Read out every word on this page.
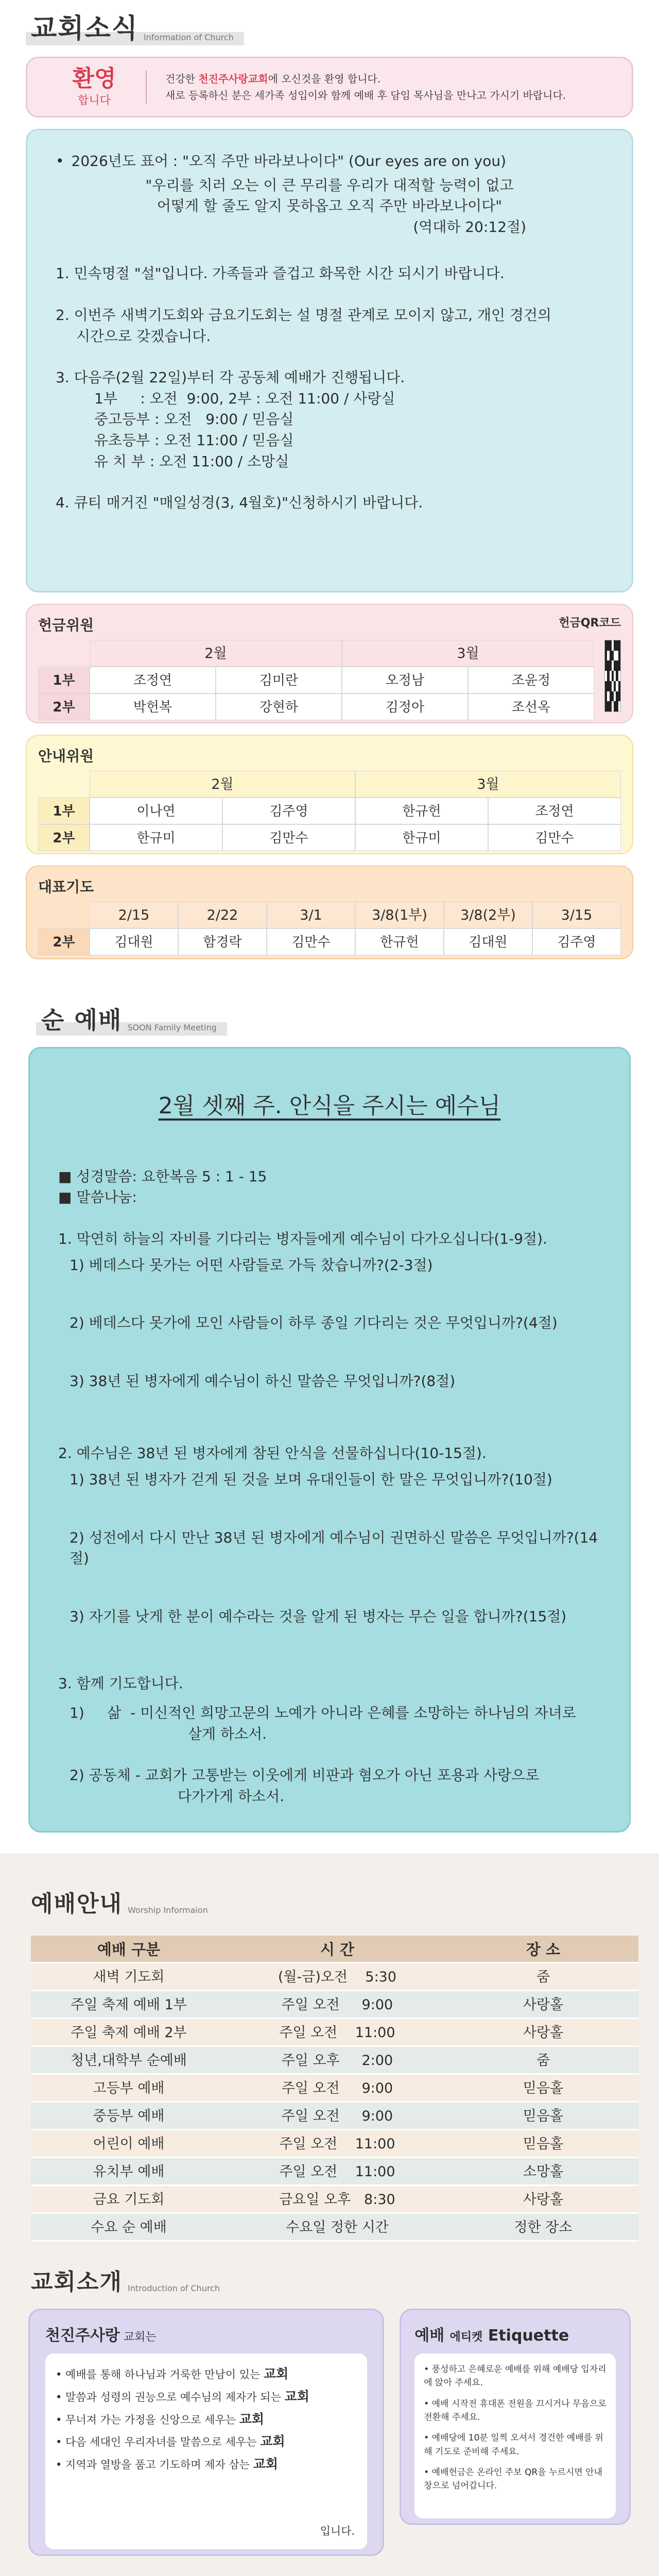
교회소식 Information of Church
환영
합니다
건강한 천진주사랑교회에 오신것을 환영 합니다.
새로 등록하신 분은 세가족 성입이와 함께 예배 후 담임 목사님을 만나고 가시기 바랍니다.
• 2026년도 표어 : "오직 주만 바라보나이다" (Our eyes are on you)
"우리를 치러 오는 이 큰 무리를 우리가 대적할 능력이 없고
어떻게 할 줄도 알지 못하옵고 오직 주만 바라보나이다"
(역대하 20:12절)
1. 민속명절 "설"입니다. 가족들과 즐겁고 화목한 시간 되시기 바랍니다.
2. 이번주 새벽기도회와 금요기도회는 설 명절 관계로 모이지 않고, 개인 경건의
시간으로 갖겠습니다.
3. 다음주(2월 22일)부터 각 공동체 예배가 진행됩니다.
1부     : 오전  9:00, 2부 : 오전 11:00 / 사랑실
중고등부 : 오전   9:00 / 믿음실
유초등부 : 오전 11:00 / 믿음실
유 치 부 : 오전 11:00 / 소망실
4. 큐티 매거진 "매일성경(3, 4월호)"신청하시기 바랍니다.
헌금위원	헌금QR코드
2월	3월
1부	조정연	김미란	오정남	조윤정
2부	박헌복	강현하	김정아	조선옥
안내위원
2월	3월
1부	이나연	김주영	한규헌	조정연
2부	한규미	김만수	한규미	김만수
대표기도
2/15	2/22	3/1	3/8(1부)	3/8(2부)	3/15
2부	김대원	함경락	김만수	한규헌	김대원	김주영
순 예배 SOON Family Meeting
2월 셋째 주. 안식을 주시는 예수님
■ 성경말씀: 요한복음 5 : 1 - 15
■ 말씀나눔:
1. 막연히 하늘의 자비를 기다리는 병자들에게 예수님이 다가오십니다(1-9절).
1) 베데스다 못가는 어떤 사람들로 가득 찼습니까?(2-3절)
2) 베데스다 못가에 모인 사람들이 하루 종일 기다리는 것은 무엇입니까?(4절)
3) 38년 된 병자에게 예수님이 하신 말씀은 무엇입니까?(8절)
2. 예수님은 38년 된 병자에게 참된 안식을 선물하십니다(10-15절).
1) 38년 된 병자가 걷게 된 것을 보며 유대인들이 한 말은 무엇입니까?(10절)
2) 성전에서 다시 만난 38년 된 병자에게 예수님이 권면하신 말씀은 무엇입니까?(14절)
3) 자기를 낫게 한 분이 예수라는 것을 알게 된 병자는 무슨 일을 합니까?(15절)
3. 함께 기도합니다.
1)     삶  - 미신적인 희망고문의 노예가 아니라 은혜를 소망하는 하나님의 자녀로
살게 하소서.
2) 공동체 - 교회가 고통받는 이웃에게 비판과 혐오가 아닌 포용과 사랑으로
다가가게 하소서.
예배안내 Worship Informaion
예배 구분	시 간	장 소
새벽 기도회	(월-금)오전    5:30	줌
주일 축제 예배 1부	주일 오전     9:00	사랑홀
주일 축제 예배 2부	주일 오전    11:00	사랑홀
청년,대학부 순예배	주일 오후     2:00	줌
고등부 예배	주일 오전     9:00	믿음홀
중등부 예배	주일 오전     9:00	믿음홀
어린이 예배	주일 오전    11:00	믿음홀
유치부 예배	주일 오전    11:00	소망홀
금요 기도회	금요일 오후   8:30	사랑홀
수요 순 예배	수요일 정한 시간	정한 장소
교회소개 Introduction of Church
천진주사랑 교회는
• 예배를 통해 하나님과 거룩한 만남이 있는 교회
• 말씀과 성령의 권능으로 예수님의 제자가 되는 교회
• 무너져 가는 가정을 신앙으로 세우는 교회
• 다음 세대인 우리자녀를 말씀으로 세우는 교회
• 지역과 열방을 품고 기도하며 제자 삼는 교회
입니다.
예배 에티켓 Etiquette
• 풍성하고 은혜로운 예배를 위해 예배당 입자리에 앉아 주세요.
• 예배 시작전 휴대폰 전원을 끄시거나 무음으로 전환해 주세요.
• 예배당에 10분 일찍 오셔서 경건한 예배를 위해 기도로 준비해 주세요.
• 예배헌금은 온라인 주보 QR을 누르시면 안내창으로 넘어갑니다.
